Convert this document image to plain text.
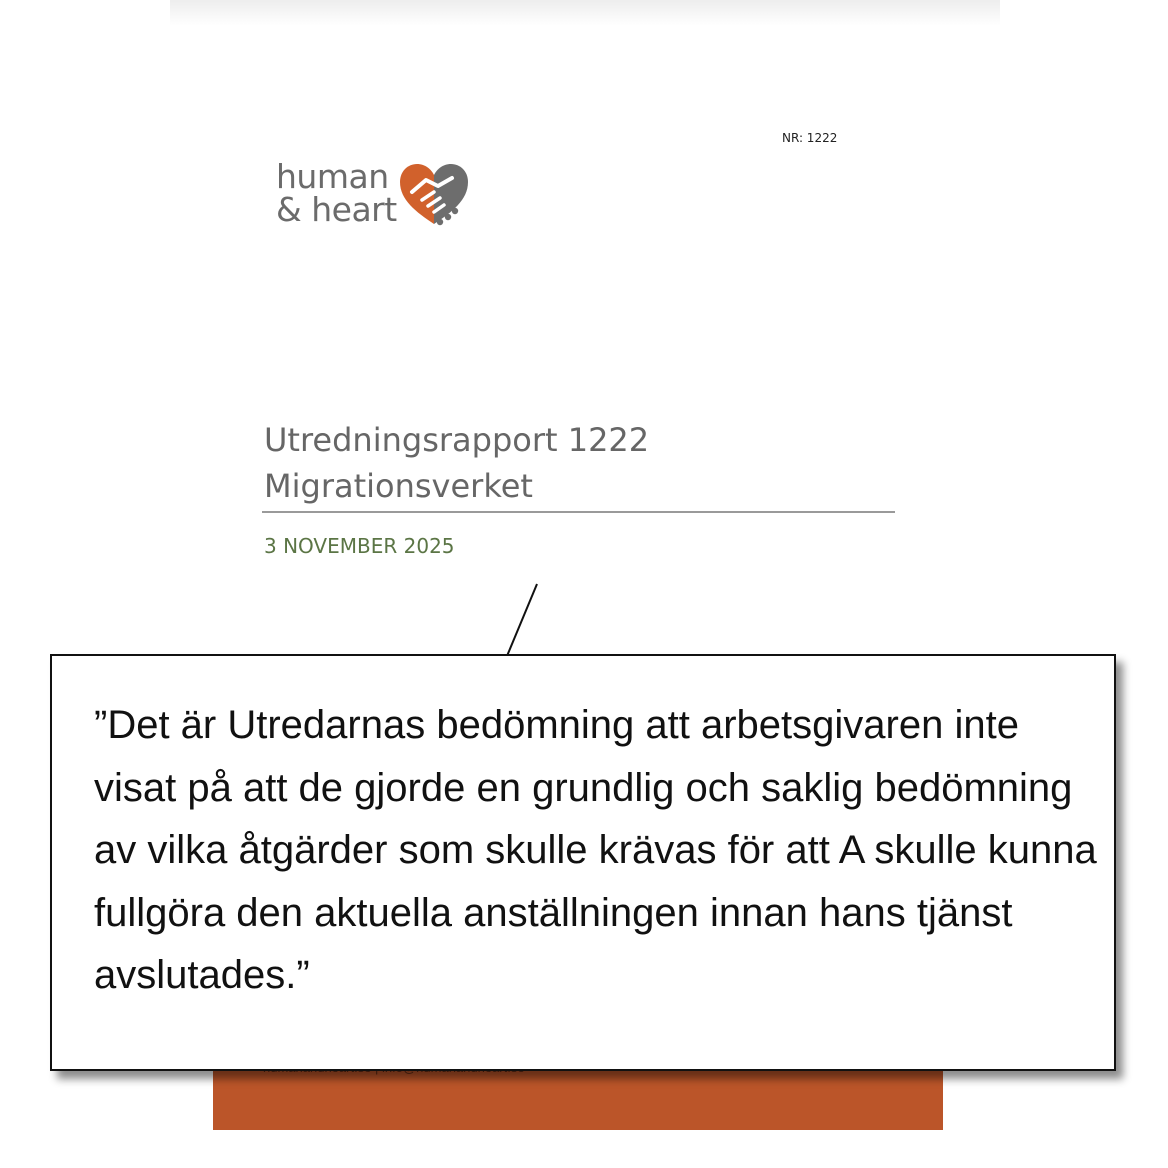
NR: 1222
human
& heart
Utredningsrapport 1222
Migrationsverket
3 NOVEMBER 2025

”Det är Utredarnas bedömning att arbetsgivaren inte visat på att de gjorde en grundlig och saklig bedömning av vilka åtgärder som skulle krävas för att A skulle kunna fullgöra den aktuella anställningen innan hans tjänst avslutades.”
